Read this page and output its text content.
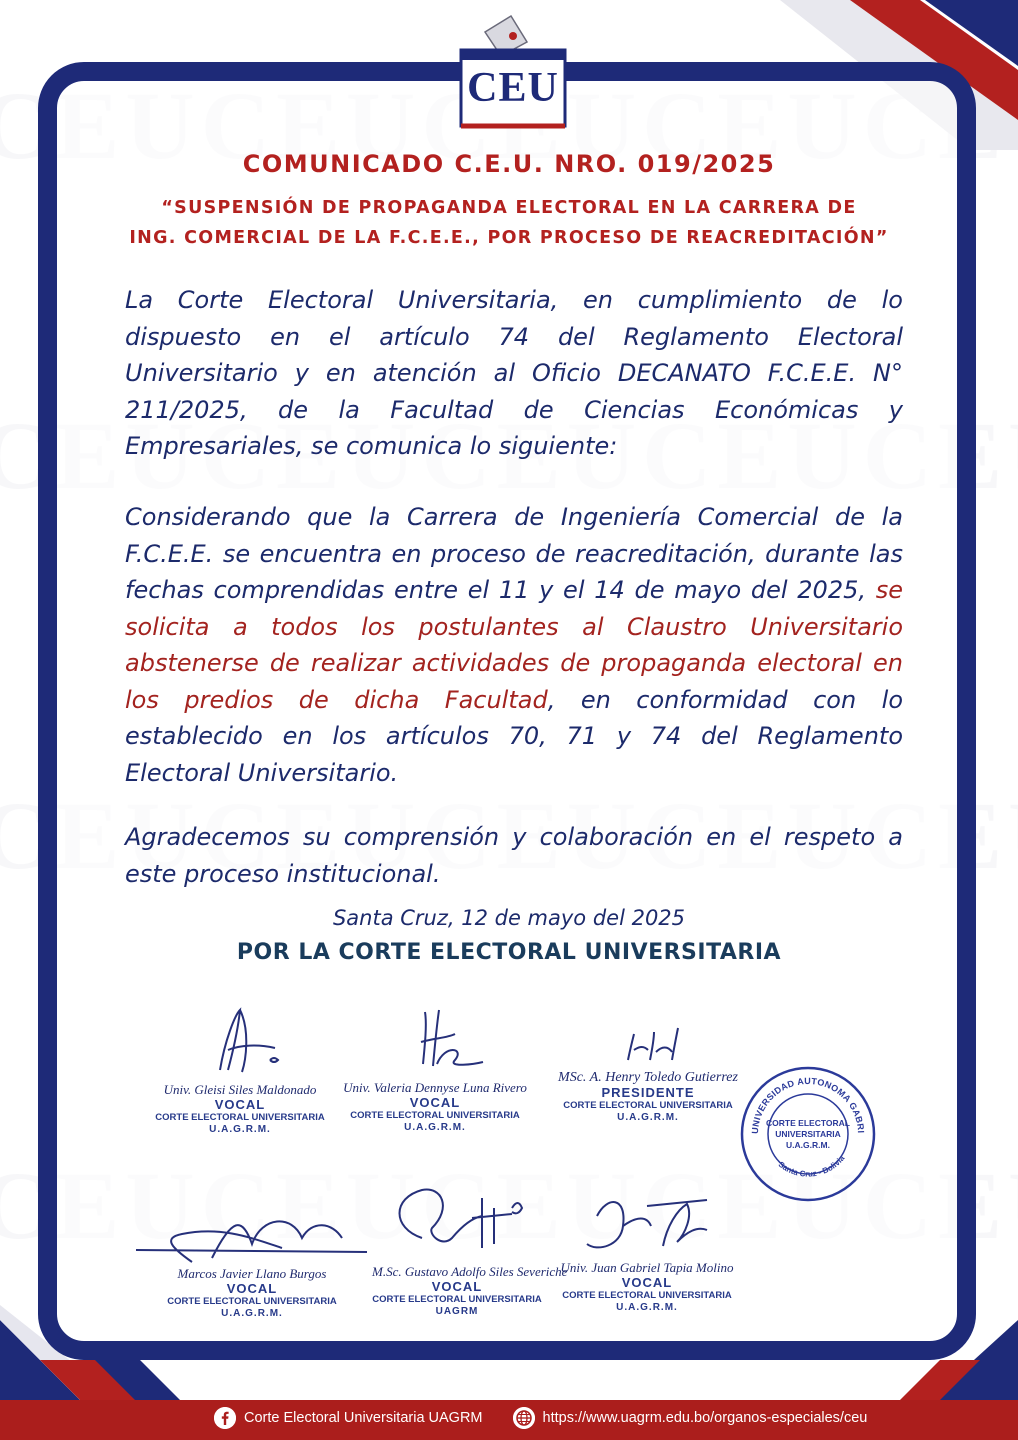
CEU
COMUNICADO C.E.U. NRO. 019/2025
“SUSPENSIÓN DE PROPAGANDA ELECTORAL EN LA CARRERA DE
ING. COMERCIAL DE LA F.C.E.E., POR PROCESO DE REACREDITACIÓN”
La Corte Electoral Universitaria, en cumplimiento de lo dispuesto en el artículo 74 del Reglamento Electoral Universitario y en atención al Oficio DECANATO F.C.E.E. N° 211/2025, de la Facultad de Ciencias Económicas y Empresariales, se comunica lo siguiente:
Considerando que la Carrera de Ingeniería Comercial de la F.C.E.E. se encuentra en proceso de reacreditación, durante las fechas comprendidas entre el 11 y el 14 de mayo del 2025, se solicita a todos los postulantes al Claustro Universitario abstenerse de realizar actividades de propaganda electoral en los predios de dicha Facultad, en conformidad con lo establecido en los artículos 70, 71 y 74 del Reglamento Electoral Universitario.
Agradecemos su comprensión y colaboración en el respeto a este proceso institucional.
Santa Cruz, 12 de mayo del 2025
POR LA CORTE ELECTORAL UNIVERSITARIA
Univ. Gleisi Siles Maldonado
VOCAL
CORTE ELECTORAL UNIVERSITARIA
U.A.G.R.M.
Univ. Valeria Dennyse Luna Rivero
VOCAL
CORTE ELECTORAL UNIVERSITARIA
U.A.G.R.M.
MSc. A. Henry Toledo Gutierrez
PRESIDENTE
CORTE ELECTORAL UNIVERSITARIA
U.A.G.R.M.
UNIVERSIDAD AUTONOMA GABRI
Santa Cruz - Bolivia
CORTE ELECTORAL
UNIVERSITARIA
U.A.G.R.M.
Marcos Javier Llano Burgos
VOCAL
CORTE ELECTORAL UNIVERSITARIA
U.A.G.R.M.
M.Sc. Gustavo Adolfo Siles Severiche
VOCAL
CORTE ELECTORAL UNIVERSITARIA
UAGRM
Univ. Juan Gabriel Tapia Molino
VOCAL
CORTE ELECTORAL UNIVERSITARIA
U.A.G.R.M.
Corte Electoral Universitaria UAGRM	https://www.uagrm.edu.bo/organos-especiales/ceu
